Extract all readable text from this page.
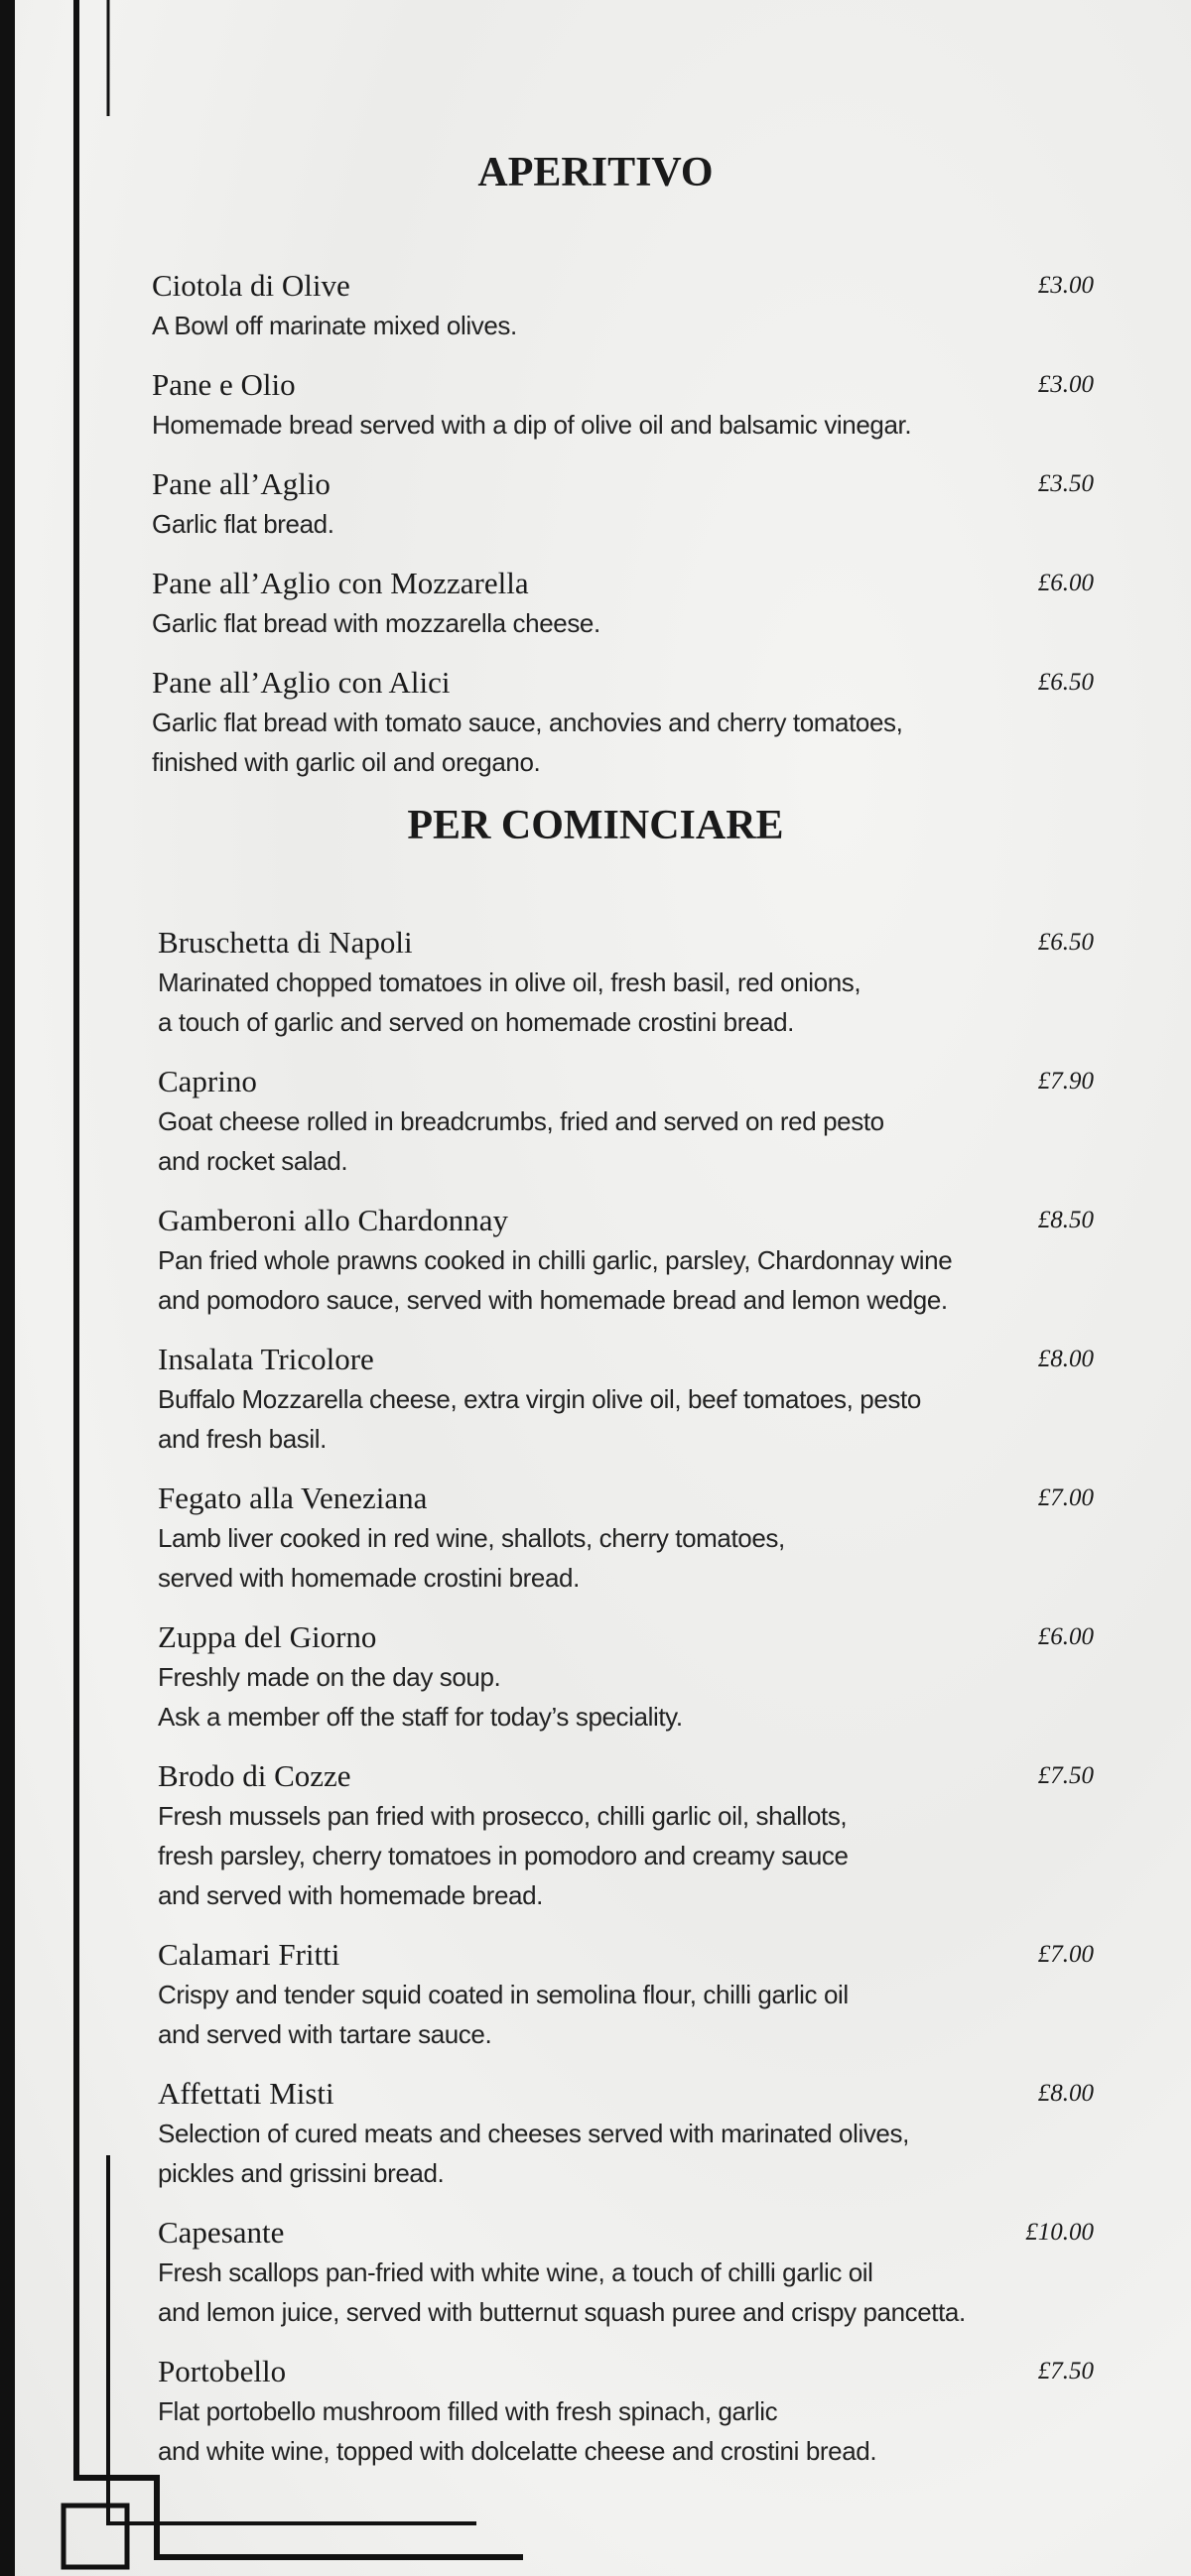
APERITIVO
Ciotola di Olive	£3.00
A Bowl off marinate mixed olives.
Pane e Olio	£3.00
Homemade bread served with a dip of olive oil and balsamic vinegar.
Pane all’Aglio	£3.50
Garlic flat bread.
Pane all’Aglio con Mozzarella	£6.00
Garlic flat bread with mozzarella cheese.
Pane all’Aglio con Alici	£6.50
Garlic flat bread with tomato sauce, anchovies and cherry tomatoes,
finished with garlic oil and oregano.
PER COMINCIARE
Bruschetta di Napoli	£6.50
Marinated chopped tomatoes in olive oil, fresh basil, red onions,
a touch of garlic and served on homemade crostini bread.
Caprino	£7.90
Goat cheese rolled in breadcrumbs, fried and served on red pesto
and rocket salad.
Gamberoni allo Chardonnay	£8.50
Pan fried whole prawns cooked in chilli garlic, parsley, Chardonnay wine
and pomodoro sauce, served with homemade bread and lemon wedge.
Insalata Tricolore	£8.00
Buffalo Mozzarella cheese, extra virgin olive oil, beef tomatoes, pesto
and fresh basil.
Fegato alla Veneziana	£7.00
Lamb liver cooked in red wine, shallots, cherry tomatoes,
served with homemade crostini bread.
Zuppa del Giorno	£6.00
Freshly made on the day soup.
Ask a member off the staff for today’s speciality.
Brodo di Cozze	£7.50
Fresh mussels pan fried with prosecco, chilli garlic oil, shallots,
fresh parsley, cherry tomatoes in pomodoro and creamy sauce
and served with homemade bread.
Calamari Fritti	£7.00
Crispy and tender squid coated in semolina flour, chilli garlic oil
and served with tartare sauce.
Affettati Misti	£8.00
Selection of cured meats and cheeses served with marinated olives,
pickles and grissini bread.
Capesante	£10.00
Fresh scallops pan-fried with white wine, a touch of chilli garlic oil
and lemon juice, served with butternut squash puree and crispy pancetta.
Portobello	£7.50
Flat portobello mushroom filled with fresh spinach, garlic
and white wine, topped with dolcelatte cheese and crostini bread.
